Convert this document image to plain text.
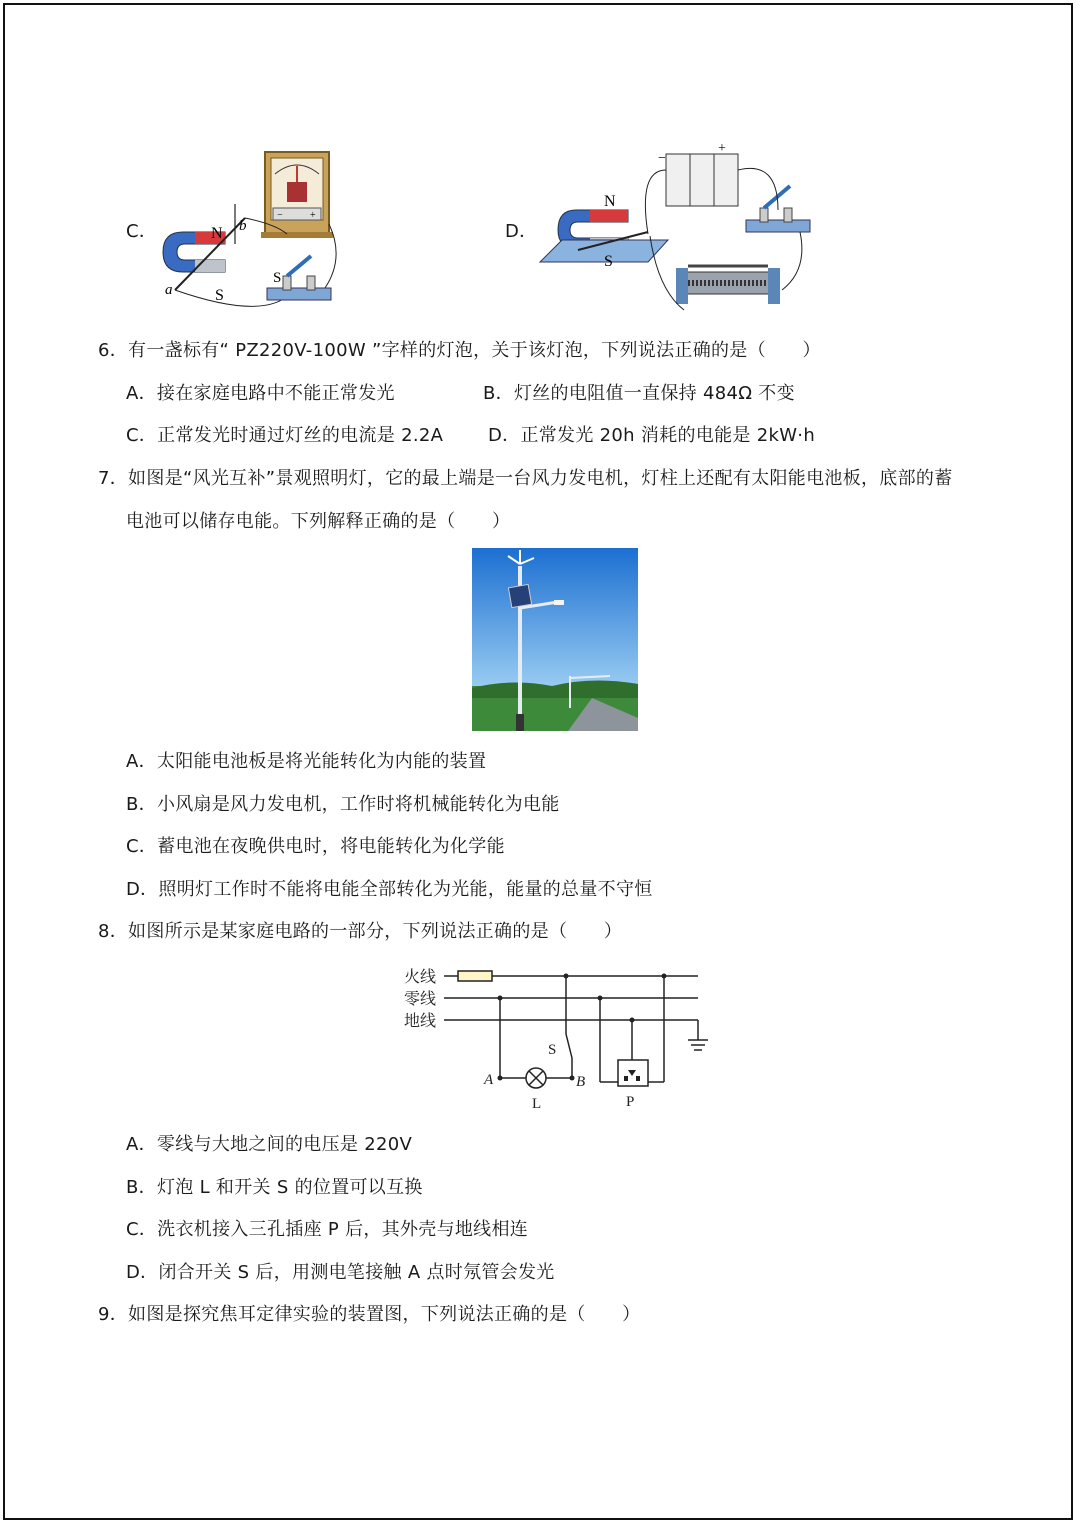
C．	D．
−	+
N b
a	S
S
−
+
N
S
6．有一盏标有“ PZ220V-100W ”字样的灯泡，关于该灯泡，下列说法正确的是（　　）
A．接在家庭电路中不能正常发光	B．灯丝的电阻值一直保持 484Ω 不变
C．正常发光时通过灯丝的电流是 2.2A D．正常发光 20h 消耗的电能是 2kW·h
7．如图是“风光互补”景观照明灯，它的最上端是一台风力发电机，灯柱上还配有太阳能电池板，底部的蓄
电池可以储存电能。下列解释正确的是（　　）
A．太阳能电池板是将光能转化为内能的装置
B．小风扇是风力发电机，工作时将机械能转化为电能
C．蓄电池在夜晚供电时，将电能转化为化学能
D．照明灯工作时不能将电能全部转化为光能，能量的总量不守恒
8．如图所示是某家庭电路的一部分，下列说法正确的是（　　）
火线
零线
地线
S
A	B
L	P
A．零线与大地之间的电压是 220V
B．灯泡 L 和开关 S 的位置可以互换
C．洗衣机接入三孔插座 P 后，其外壳与地线相连
D．闭合开关 S 后，用测电笔接触 A 点时氖管会发光
9．如图是探究焦耳定律实验的装置图，下列说法正确的是（　　）
